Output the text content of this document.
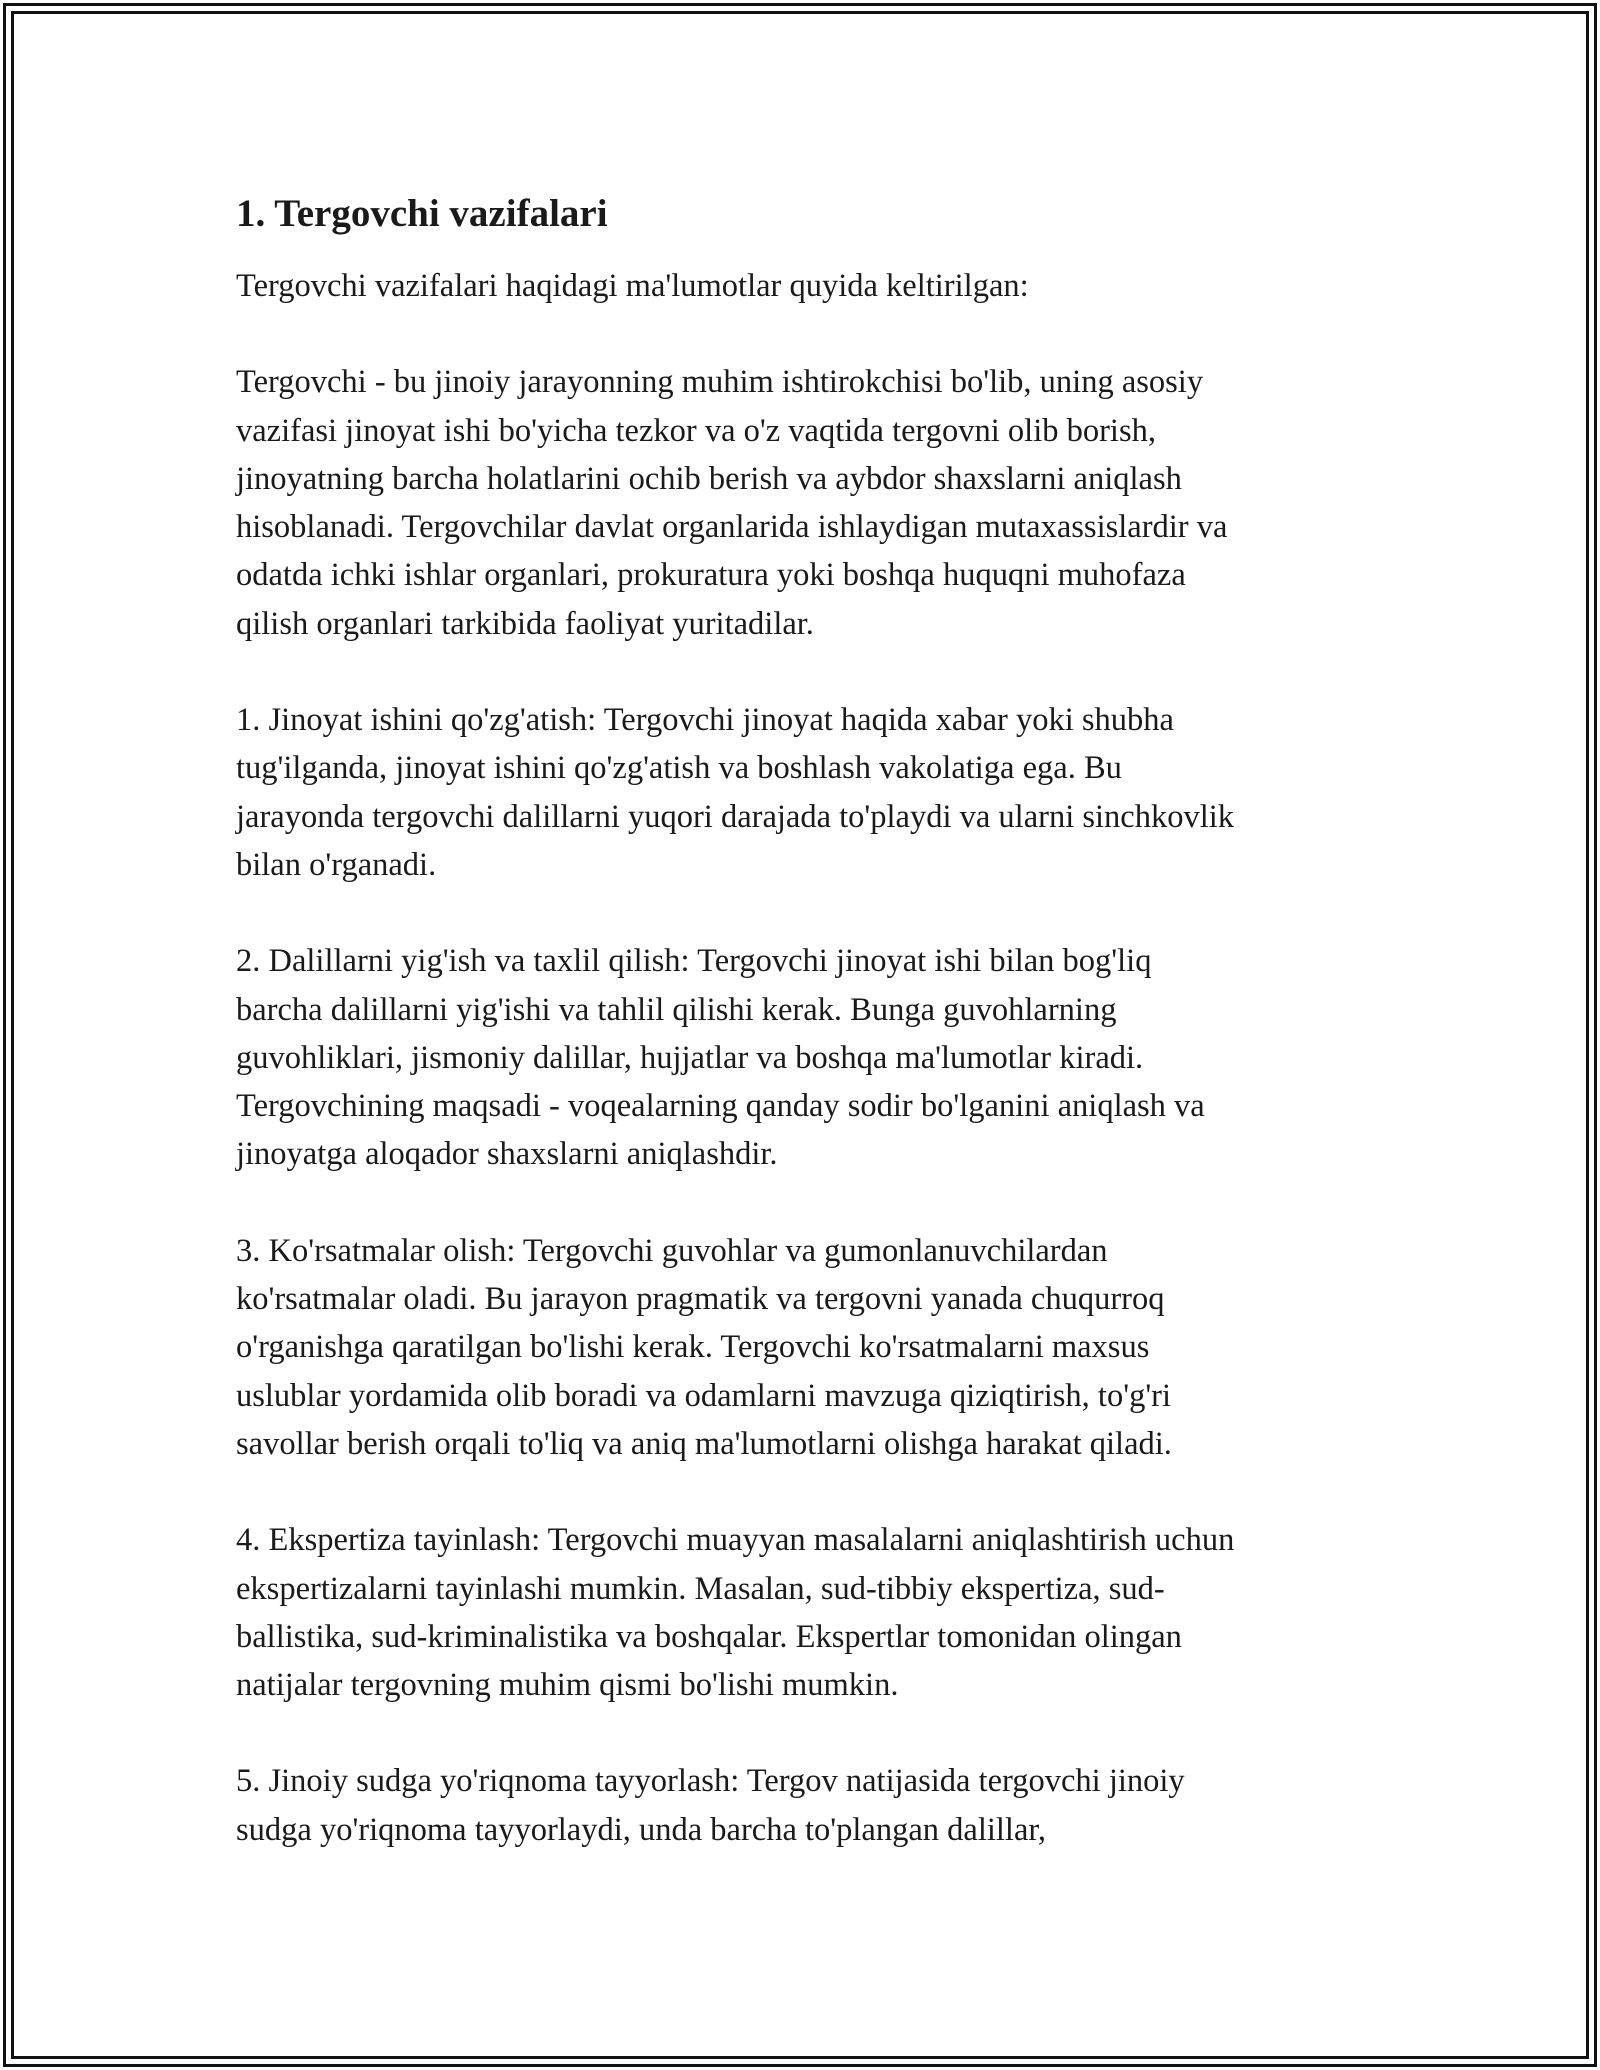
1. Tergovchi vazifalari

Tergovchi vazifalari haqidagi ma'lumotlar quyida keltirilgan:

Tergovchi - bu jinoiy jarayonning muhim ishtirokchisi bo'lib, uning asosiy
vazifasi jinoyat ishi bo'yicha tezkor va o'z vaqtida tergovni olib borish,
jinoyatning barcha holatlarini ochib berish va aybdor shaxslarni aniqlash
hisoblanadi. Tergovchilar davlat organlarida ishlaydigan mutaxassislardir va
odatda ichki ishlar organlari, prokuratura yoki boshqa huquqni muhofaza
qilish organlari tarkibida faoliyat yuritadilar.

1. Jinoyat ishini qo'zg'atish: Tergovchi jinoyat haqida xabar yoki shubha
tug'ilganda, jinoyat ishini qo'zg'atish va boshlash vakolatiga ega. Bu
jarayonda tergovchi dalillarni yuqori darajada to'playdi va ularni sinchkovlik
bilan o'rganadi.

2. Dalillarni yig'ish va taxlil qilish: Tergovchi jinoyat ishi bilan bog'liq
barcha dalillarni yig'ishi va tahlil qilishi kerak. Bunga guvohlarning
guvohliklari, jismoniy dalillar, hujjatlar va boshqa ma'lumotlar kiradi.
Tergovchining maqsadi - voqealarning qanday sodir bo'lganini aniqlash va
jinoyatga aloqador shaxslarni aniqlashdir.

3. Ko'rsatmalar olish: Tergovchi guvohlar va gumonlanuvchilardan
ko'rsatmalar oladi. Bu jarayon pragmatik va tergovni yanada chuqurroq
o'rganishga qaratilgan bo'lishi kerak. Tergovchi ko'rsatmalarni maxsus
uslublar yordamida olib boradi va odamlarni mavzuga qiziqtirish, to'g'ri
savollar berish orqali to'liq va aniq ma'lumotlarni olishga harakat qiladi.

4. Ekspertiza tayinlash: Tergovchi muayyan masalalarni aniqlashtirish uchun
ekspertizalarni tayinlashi mumkin. Masalan, sud-tibbiy ekspertiza, sud-
ballistika, sud-kriminalistika va boshqalar. Ekspertlar tomonidan olingan
natijalar tergovning muhim qismi bo'lishi mumkin.

5. Jinoiy sudga yo'riqnoma tayyorlash: Tergov natijasida tergovchi jinoiy
sudga yo'riqnoma tayyorlaydi, unda barcha to'plangan dalillar,
